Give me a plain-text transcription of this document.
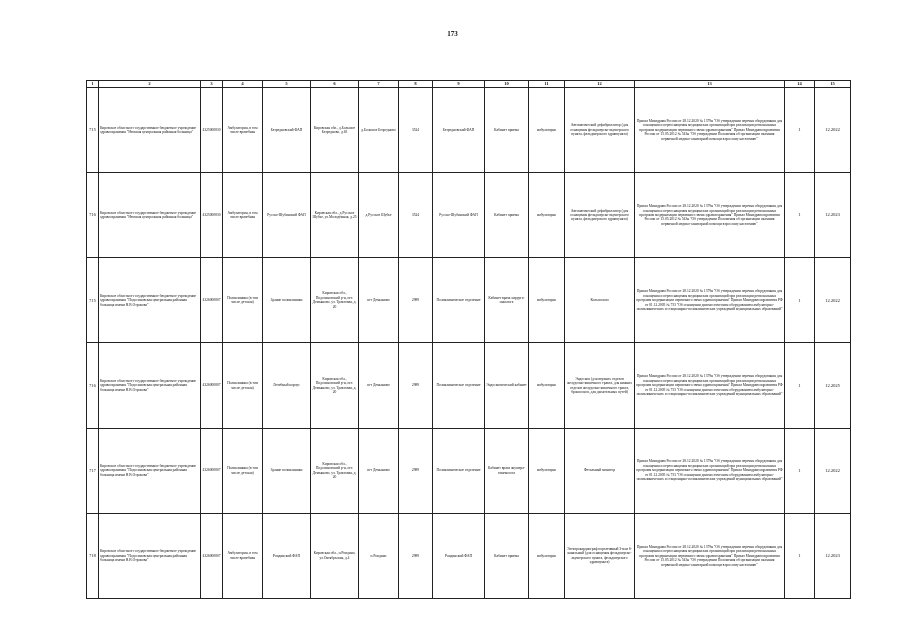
173
1	2	3	4	5	6	7	8	9	10	11	12	13	14	15
715	Кировское областное государственное бюджетное учреждение здравоохранения "Немская центральная районная больница"	4325000830	Амбулатория, в том числе врачебная	Безредновский ФАП	Кировская обл., д.Большое Безредново, д.65	д.Большое Безредново	3524	Безредновский ФАП	Кабинет приема	амбулаторно	Автоматический дефибриллятор (для оснащения фельдшерско-акушерского пункта, фельдшерского здравпункта)	Приказ Минздрава России от 28.12.2020 № 1379н "Об утверждении перечня оборудования для оснащения и переоснащения медицинских организаций при реализации региональных программ модернизации первичного звена здравоохранения" Приказ Минздравсоцразвития России от 15.05.2012 № 543н "Об утверждении Положения об организации оказания первичной медико-санитарной помощи взрослому населению"	1	12.2022
716	Кировское областное государственное бюджетное учреждение здравоохранения "Немская центральная районная больница"	4325000830	Амбулатория, в том числе врачебная	Русско-Шубинский ФАП	Кировская обл., д.Русское Шубье, ул.Молодёжная, д.25	д.Русское Шубье	3524	Русско-Шубинский ФАП	Кабинет приема	амбулаторно	Автоматический дефибриллятор (для оснащения фельдшерско-акушерского пункта, фельдшерского здравпункта)	Приказ Минздрава России от 28.12.2020 № 1379н "Об утверждении перечня оборудования для оснащения и переоснащения медицинских организаций при реализации региональных программ модернизации первичного звена здравоохранения" Приказ Минздравсоцразвития России от 15.05.2012 № 543н "Об утверждении Положения об организации оказания первичной медико-санитарной помощи взрослому населению"	1	12.2023
715	Кировское областное государственное бюджетное учреждение здравоохранения "Подосиновская центральная районная больница имени Н.В.Отрокова"	4326000807	Поликлиника (в том числе детская)	Здание поликлиники	Кировская обл., Подосиновский р-н, пгт. Демьяново, ул. Трактовая, д. 20	пгт Демьяново	2989	Поликлиническое отделение	Кабинет врача хирурга-онколога	амбулаторно	Кольпоскоп	Приказ Минздрава России от 28.12.2020 № 1379н "Об утверждении перечня оборудования для оснащения и переоснащения медицинских организаций при реализации региональных программ модернизации первичного звена здравоохранения" Приказ Минздравсоцразвития РФ от 01.12.2005 № 753 "Об оснащении диагностическим оборудованием амбулаторно-поликлинических и стационарно-поликлинических учреждений муниципальных образований"	1	12.2022
716	Кировское областное государственное бюджетное учреждение здравоохранения "Подосиновская центральная районная больница имени Н.В.Отрокова"	4326000807	Поликлиника (в том числе детская)	Лечебный корпус	Кировская обл., Подосиновский р-н, пгт. Демьяново, ул. Трактовая, д. 20	пгт Демьяново	2989	Поликлиническое отделение	Эндоскопический кабинет	амбулаторно	Эндоскоп (для верхних отделов желудочно-кишечного тракта, для нижних отделов желудочно-кишечного тракта, бронхоскоп, для дыхательных путей)	Приказ Минздрава России от 28.12.2020 № 1379н "Об утверждении перечня оборудования для оснащения и переоснащения медицинских организаций при реализации региональных программ модернизации первичного звена здравоохранения" Приказ Минздравсоцразвития РФ от 01.12.2005 № 753 "Об оснащении диагностическим оборудованием амбулаторно-поликлинических и стационарно-поликлинических учреждений муниципальных образований"	1	12.2025
717	Кировское областное государственное бюджетное учреждение здравоохранения "Подосиновская центральная районная больница имени Н.В.Отрокова"	4326000807	Поликлиника (в том числе детская)	Здание поликлиники	Кировская обл., Подосиновский р-н, пгт. Демьяново, ул. Трактовая, д. 20	пгт Демьяново	2989	Поликлиническое отделение	Кабинет врача акушера-гинеколога	амбулаторно	Фетальный монитор	Приказ Минздрава России от 28.12.2020 № 1379н "Об утверждении перечня оборудования для оснащения и переоснащения медицинских организаций при реализации региональных программ модернизации первичного звена здравоохранения" Приказ Минздравсоцразвития РФ от 01.12.2005 № 753 "Об оснащении диагностическим оборудованием амбулаторно-поликлинических и стационарно-поликлинических учреждений муниципальных образований"	1	12.2022
718	Кировское областное государственное бюджетное учреждение здравоохранения "Подосиновская центральная районная больница имени Н.В.Отрокова"	4326000807	Амбулатория, в том числе врачебная	Роидинский ФАП	Кировская обл., п.Роидино, ул.Октябрьская, д.4	п.Роидино	2989	Роидинский ФАП	Кабинет приема	амбулаторно	Электрокардиограф портативный 3-или 6-канальный (для оснащения фельдшерско-акушерского пункта, фельдшерского здравпункта)	Приказ Минздрава России от 28.12.2020 № 1379н "Об утверждении перечня оборудования для оснащения и переоснащения медицинских организаций при реализации региональных программ модернизации первичного звена здравоохранения" Приказ Минздравсоцразвития России от 15.05.2012 № 543н "Об утверждении Положения об организации оказания первичной медико-санитарной помощи взрослому населению"	1	12.2023
